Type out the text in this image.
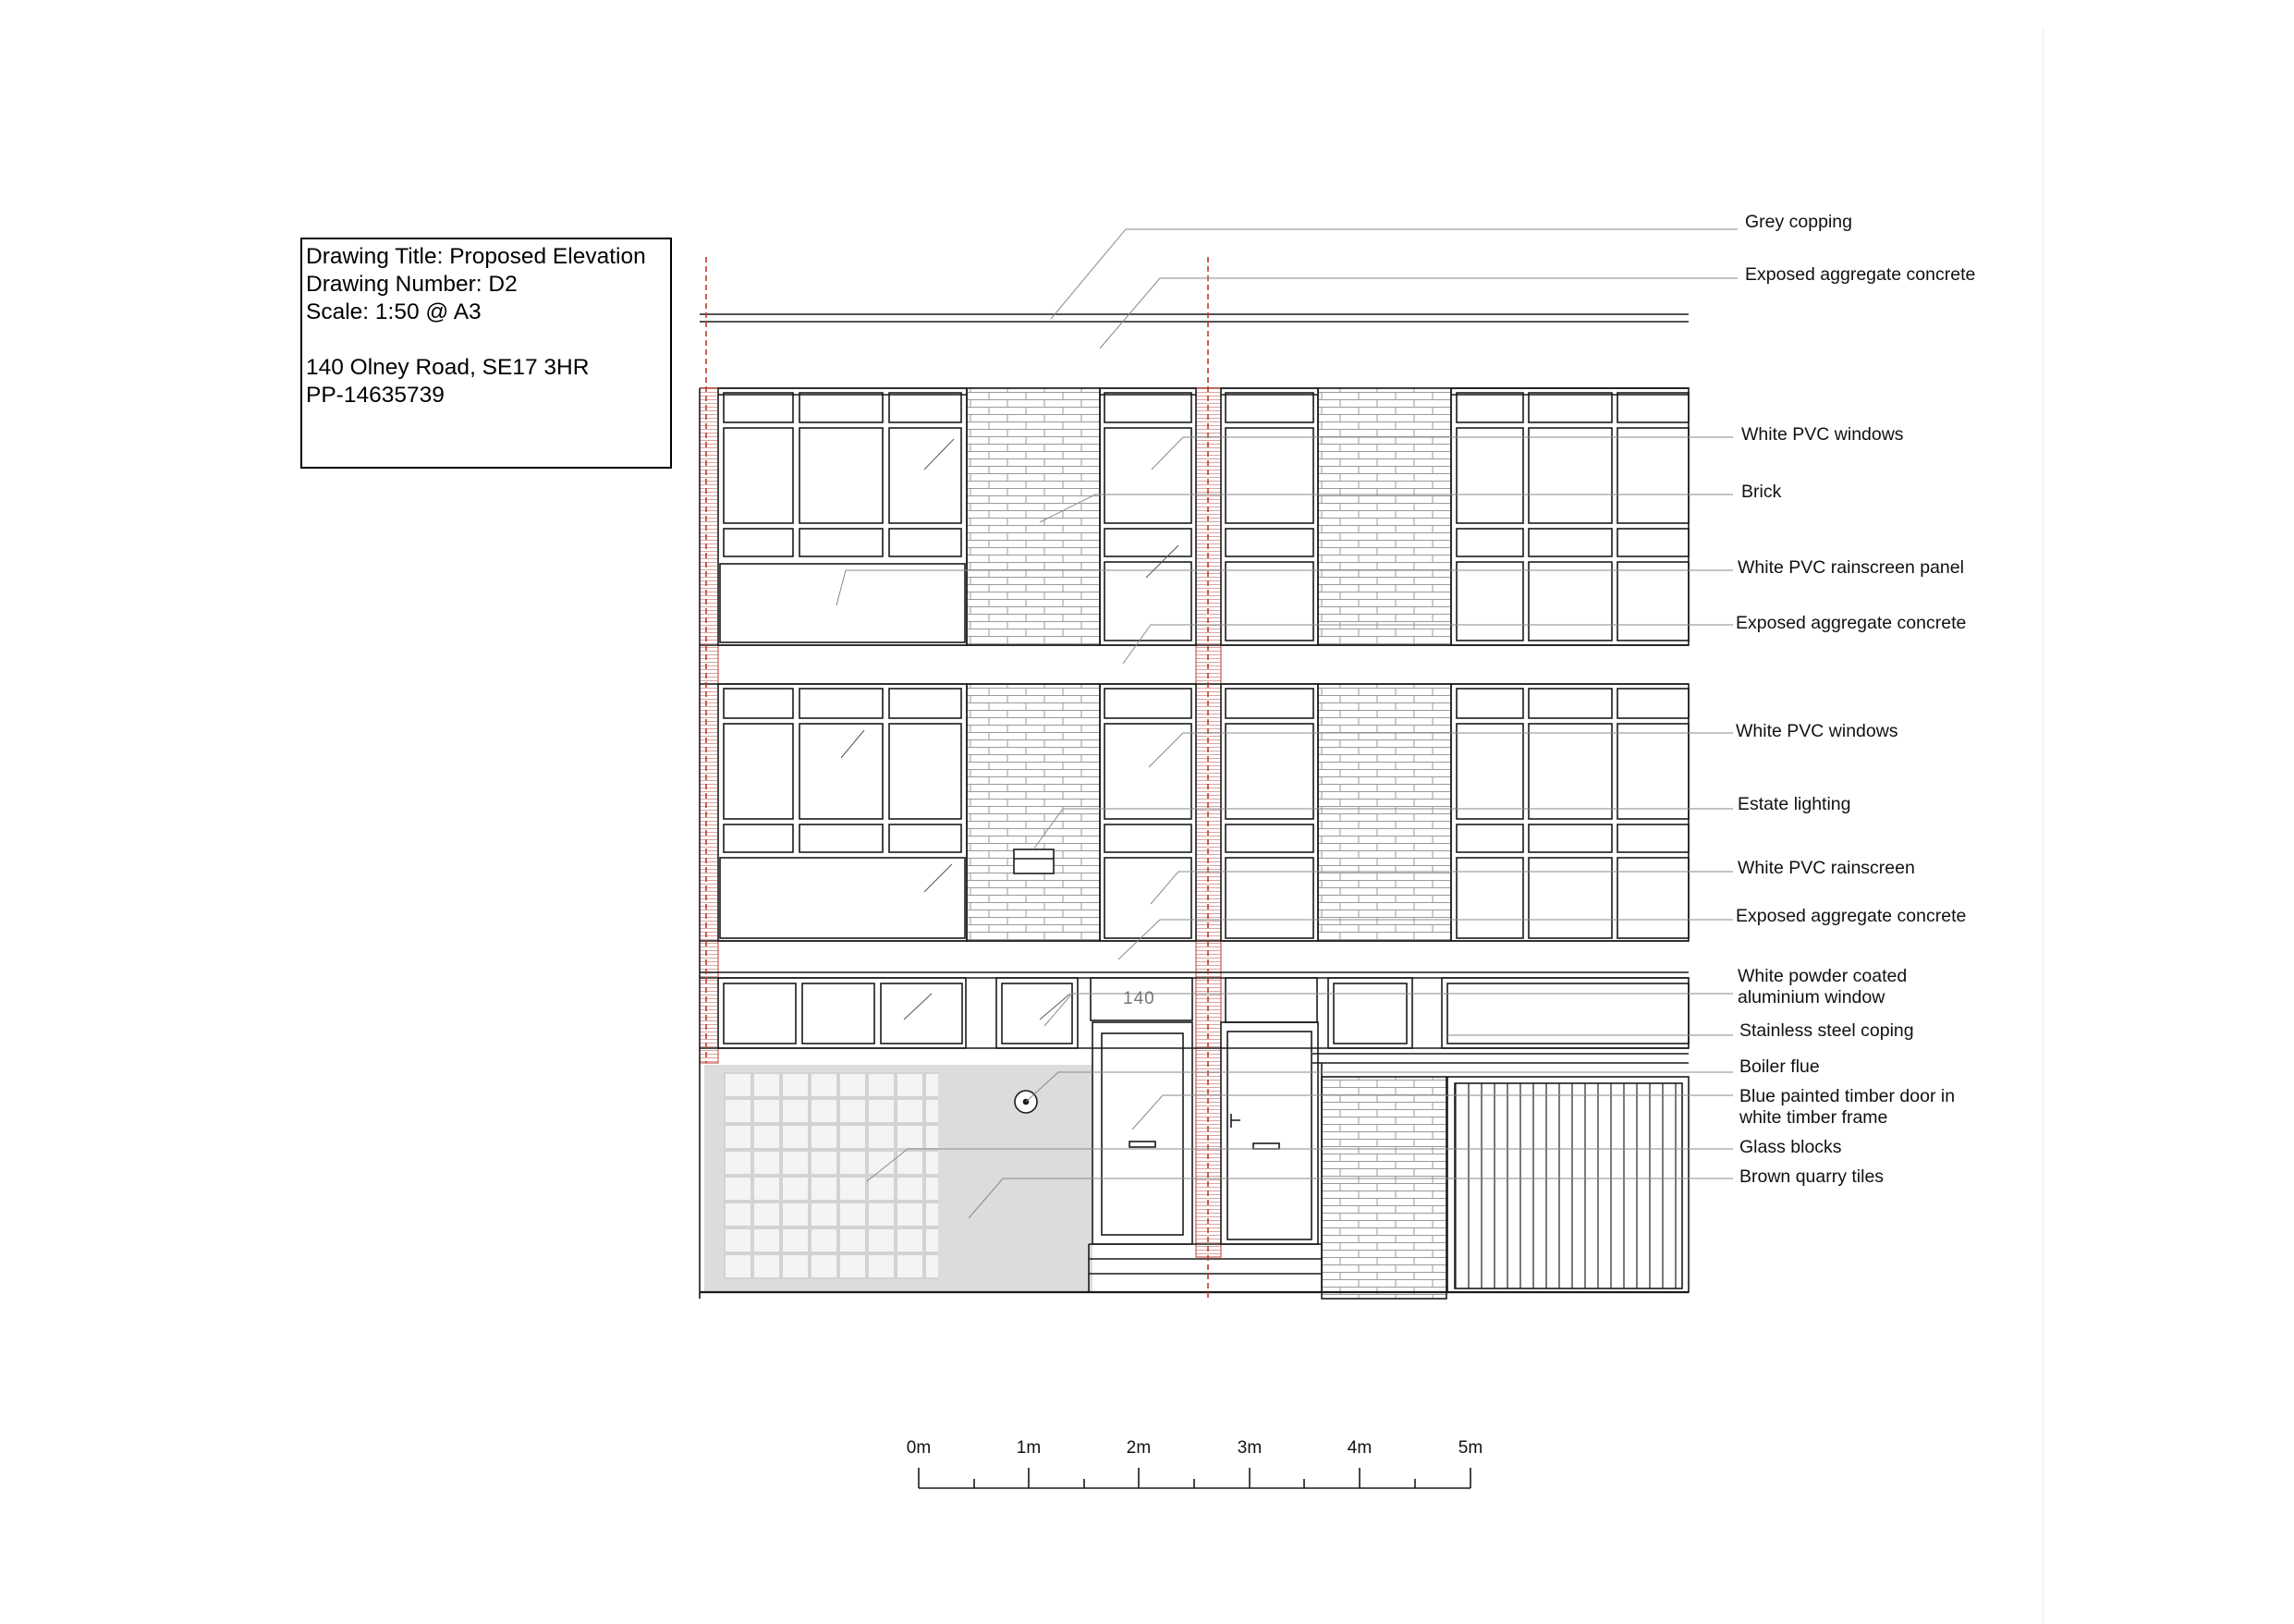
Drawing Title: Proposed Elevation
Drawing Number: D2
Scale: 1:50 @ A3
140 Olney Road, SE17 3HR
PP-14635739
140
Grey copping
Exposed aggregate concrete
White PVC windows
Brick
White PVC rainscreen panel
Exposed aggregate concrete
White PVC windows
Estate lighting
White PVC rainscreen
Exposed aggregate concrete
White powder coated
aluminium window
Stainless steel coping
Boiler flue
Blue painted timber door in
white timber frame
Glass blocks
Brown quarry tiles
0m	1m	2m	3m	4m	5m
